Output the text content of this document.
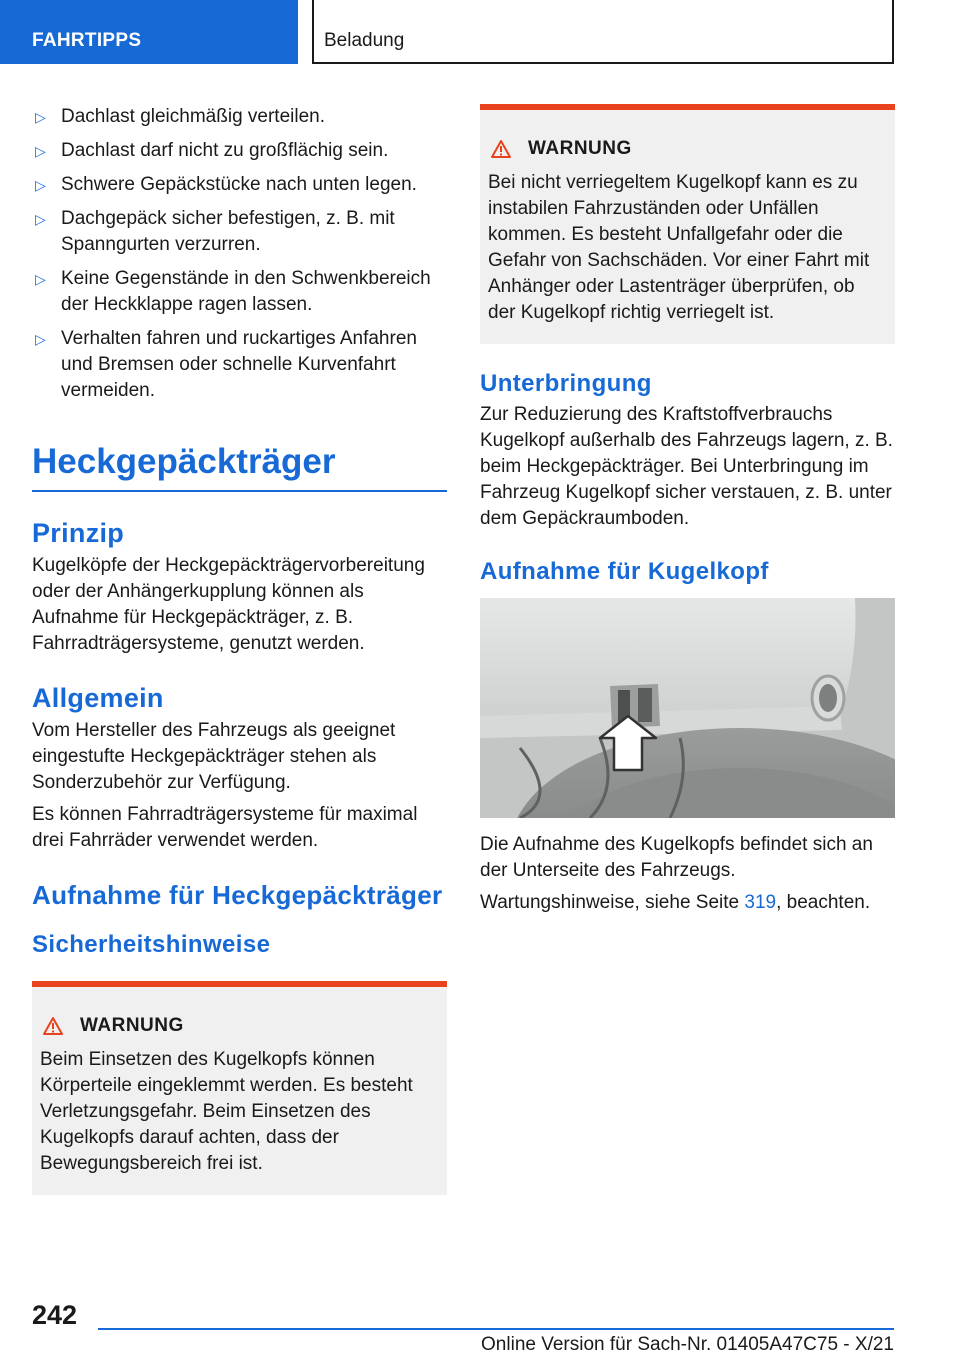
FAHRTIPPS	Beladung
▷ Dachlast gleichmäßig verteilen.
▷ Dachlast darf nicht zu großflächig sein.
▷ Schwere Gepäckstücke nach unten legen.
▷ Dachgepäck sicher befestigen, z. B. mit Spanngurten verzurren.
▷ Keine Gegenstände in den Schwenkbereich der Heckklappe ragen lassen.
▷ Verhalten fahren und ruckartiges Anfahren und Bremsen oder schnelle Kurvenfahrt vermeiden.
Heckgepäckträger
Prinzip

Kugelköpfe der Heckgepäckträgervorbereitung oder der Anhängerkupplung können als Aufnahme für Heckgepäckträger, z. B. Fahrradträgersysteme, genutzt werden.

Allgemein

Vom Hersteller des Fahrzeugs als geeignet eingestufte Heckgepäckträger stehen als Sonderzubehör zur Verfügung.

Es können Fahrradträgersysteme für maximal drei Fahrräder verwendet werden.

Aufnahme für Heckgepäckträger
Sicherheitshinweise
WARNUNG
Beim Einsetzen des Kugelkopfs können Körperteile eingeklemmt werden. Es besteht Verletzungsgefahr. Beim Einsetzen des Kugelkopfs darauf achten, dass der Bewegungsbereich frei ist.
WARNUNG
Bei nicht verriegeltem Kugelkopf kann es zu instabilen Fahrzuständen oder Unfällen kommen. Es besteht Unfallgefahr oder die Gefahr von Sachschäden. Vor einer Fahrt mit Anhänger oder Lastenträger überprüfen, ob der Kugelkopf richtig verriegelt ist.
Unterbringung

Zur Reduzierung des Kraftstoffverbrauchs Kugelkopf außerhalb des Fahrzeugs lagern, z. B. beim Heckgepäckträger. Bei Unterbringung im Fahrzeug Kugelkopf sicher verstauen, z. B. unter dem Gepäckraumboden.

Aufnahme für Kugelkopf

Die Aufnahme des Kugelkopfs befindet sich an der Unterseite des Fahrzeugs.

Wartungshinweise, siehe Seite 319, beachten.

242
Online Version für Sach-Nr. 01405A47C75 - X/21
